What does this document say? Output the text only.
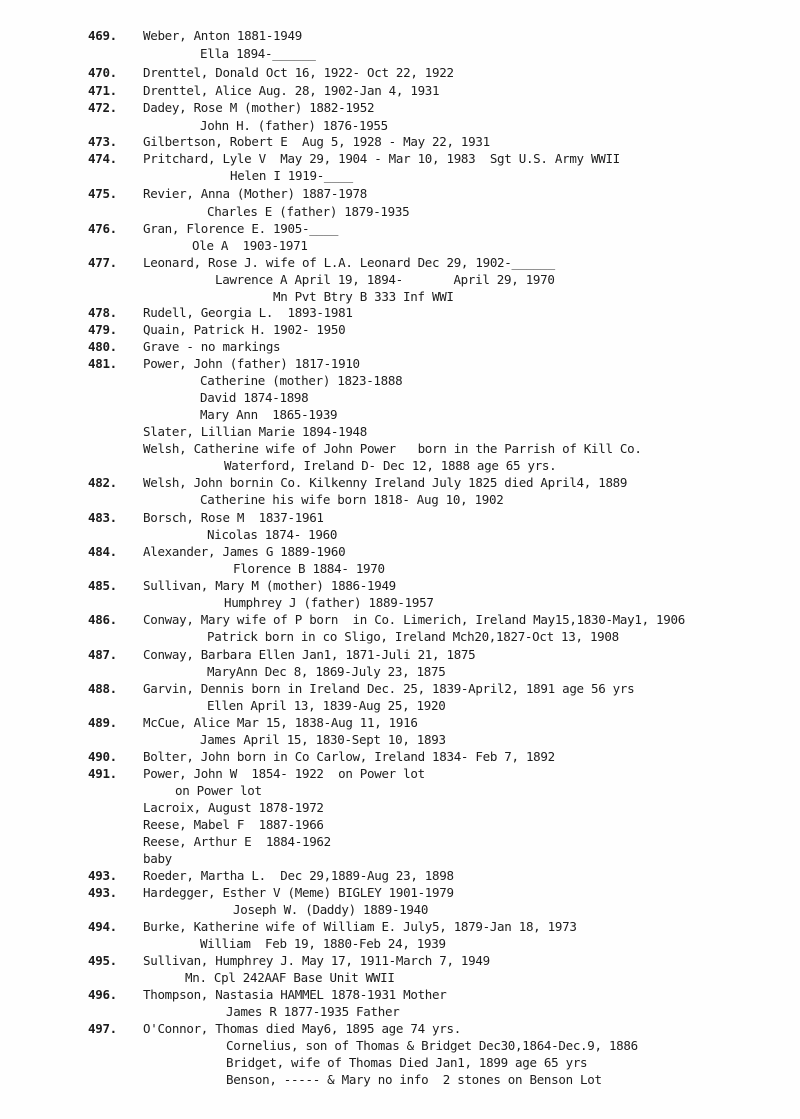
469. Weber, Anton 1881-1949
Ella 1894-______
470. Drenttel, Donald Oct 16, 1922- Oct 22, 1922
471. Drenttel, Alice Aug. 28, 1902-Jan 4, 1931
472. Dadey, Rose M (mother) 1882-1952
John H. (father) 1876-1955
473. Gilbertson, Robert E  Aug 5, 1928 - May 22, 1931
474. Pritchard, Lyle V  May 29, 1904 - Mar 10, 1983  Sgt U.S. Army WWII
Helen I 1919-____
475. Revier, Anna (Mother) 1887-1978
Charles E (father) 1879-1935
476. Gran, Florence E. 1905-____
Ole A  1903-1971
477. Leonard, Rose J. wife of L.A. Leonard Dec 29, 1902-______
Lawrence A April 19, 1894-       April 29, 1970
Mn Pvt Btry B 333 Inf WWI
478. Rudell, Georgia L.  1893-1981
479. Quain, Patrick H. 1902- 1950
480. Grave - no markings
481. Power, John (father) 1817-1910
Catherine (mother) 1823-1888
David 1874-1898
Mary Ann  1865-1939
Slater, Lillian Marie 1894-1948
Welsh, Catherine wife of John Power   born in the Parrish of Kill Co.
Waterford, Ireland D- Dec 12, 1888 age 65 yrs.
482. Welsh, John bornin Co. Kilkenny Ireland July 1825 died April4, 1889
Catherine his wife born 1818- Aug 10, 1902
483. Borsch, Rose M  1837-1961
Nicolas 1874- 1960
484. Alexander, James G 1889-1960
Florence B 1884- 1970
485. Sullivan, Mary M (mother) 1886-1949
Humphrey J (father) 1889-1957
486. Conway, Mary wife of P born  in Co. Limerich, Ireland May15,1830-May1, 1906
Patrick born in co Sligo, Ireland Mch20,1827-Oct 13, 1908
487. Conway, Barbara Ellen Jan1, 1871-Juli 21, 1875
MaryAnn Dec 8, 1869-July 23, 1875
488. Garvin, Dennis born in Ireland Dec. 25, 1839-April2, 1891 age 56 yrs
Ellen April 13, 1839-Aug 25, 1920
489. McCue, Alice Mar 15, 1838-Aug 11, 1916
James April 15, 1830-Sept 10, 1893
490. Bolter, John born in Co Carlow, Ireland 1834- Feb 7, 1892
491. Power, John W  1854- 1922  on Power lot
on Power lot
Lacroix, August 1878-1972
Reese, Mabel F  1887-1966
Reese, Arthur E  1884-1962
baby
493. Roeder, Martha L.  Dec 29,1889-Aug 23, 1898
493. Hardegger, Esther V (Meme) BIGLEY 1901-1979
Joseph W. (Daddy) 1889-1940
494. Burke, Katherine wife of William E. July5, 1879-Jan 18, 1973
William  Feb 19, 1880-Feb 24, 1939
495. Sullivan, Humphrey J. May 17, 1911-March 7, 1949
Mn. Cpl 242AAF Base Unit WWII
496. Thompson, Nastasia HAMMEL 1878-1931 Mother
James R 1877-1935 Father
497. O'Connor, Thomas died May6, 1895 age 74 yrs.
Cornelius, son of Thomas & Bridget Dec30,1864-Dec.9, 1886
Bridget, wife of Thomas Died Jan1, 1899 age 65 yrs
Benson, ----- & Mary no info  2 stones on Benson Lot
